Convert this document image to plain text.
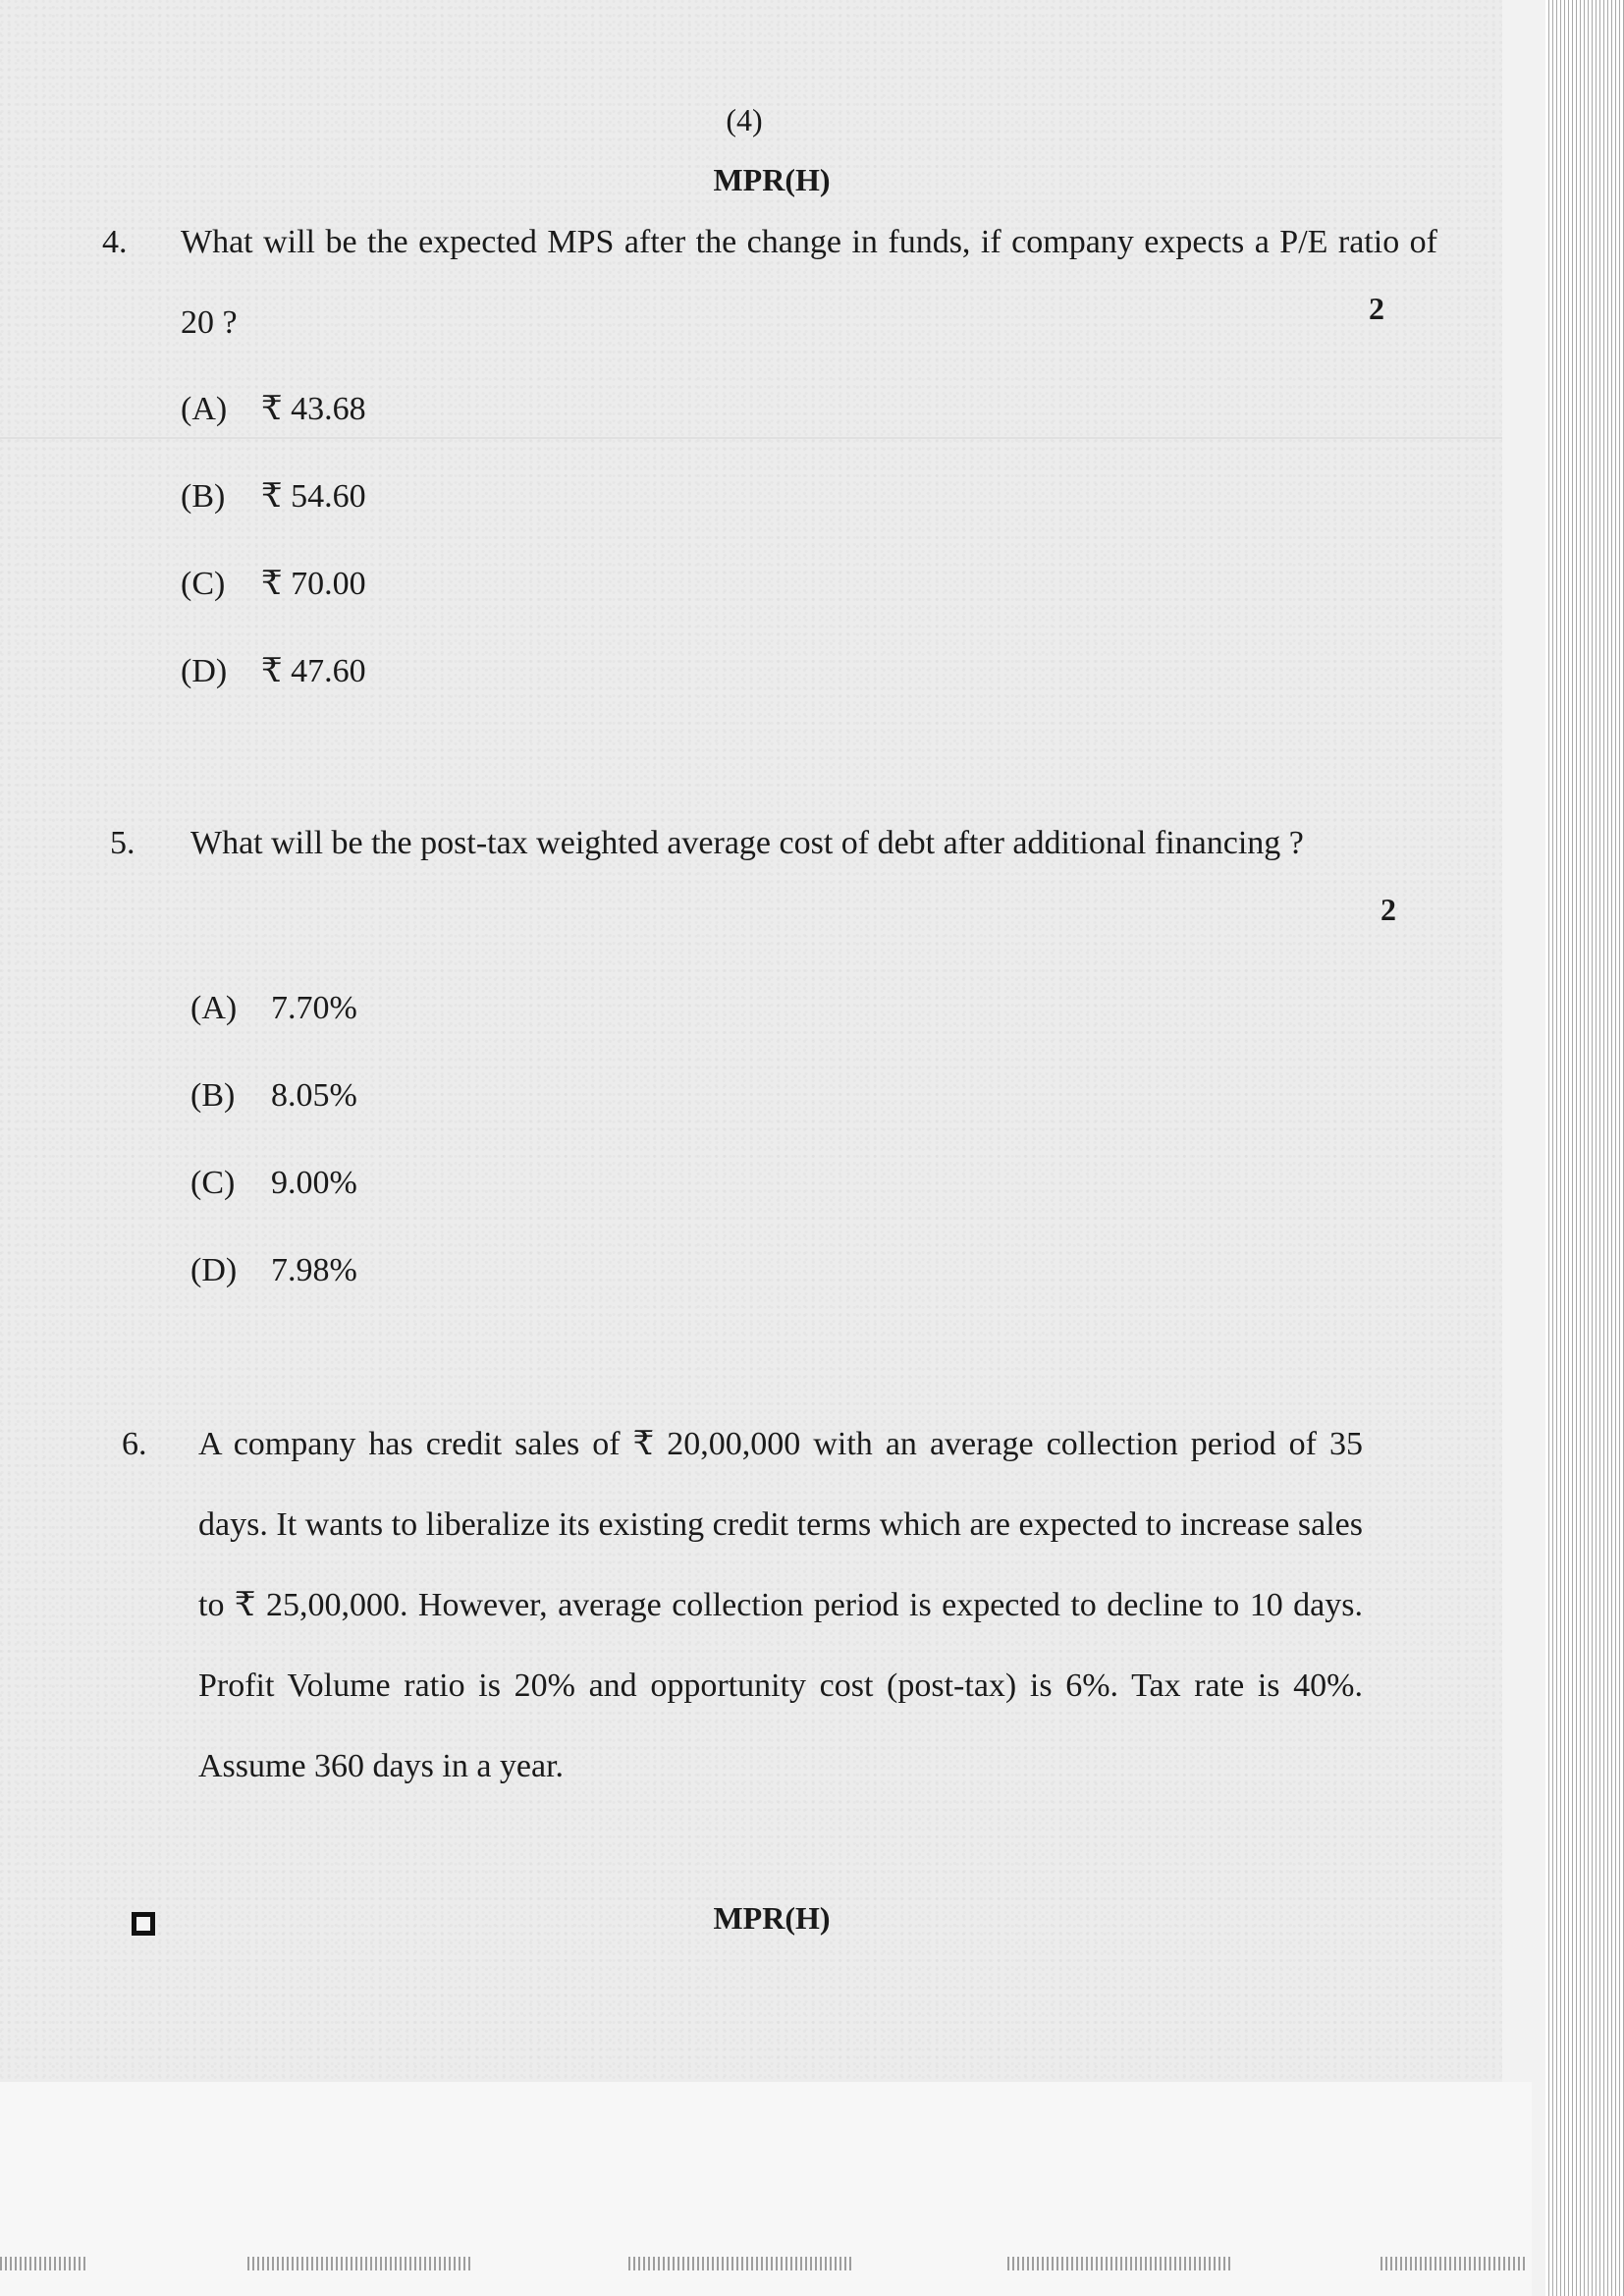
(4)

MPR(H)

4. What will be the expected MPS after the change in funds, if company expects a P/E ratio of 20 ?	2
(A) ₹ 43.68
(B) ₹ 54.60
(C) ₹ 70.00
(D) ₹ 47.60
5. What will be the post-tax weighted average cost of debt after additional financing ?

2
(A) 7.70%
(B) 8.05%
(C) 9.00%
(D) 7.98%
6. A company has credit sales of ₹ 20,00,000 with an average collection period of 35 days. It wants to liberalize its existing credit terms which are expected to increase sales to ₹ 25,00,000. However, average collection period is expected to decline to 10 days. Profit Volume ratio is 20% and opportunity cost (post-tax) is 6%. Tax rate is 40%. Assume 360 days in a year.

MPR(H)
